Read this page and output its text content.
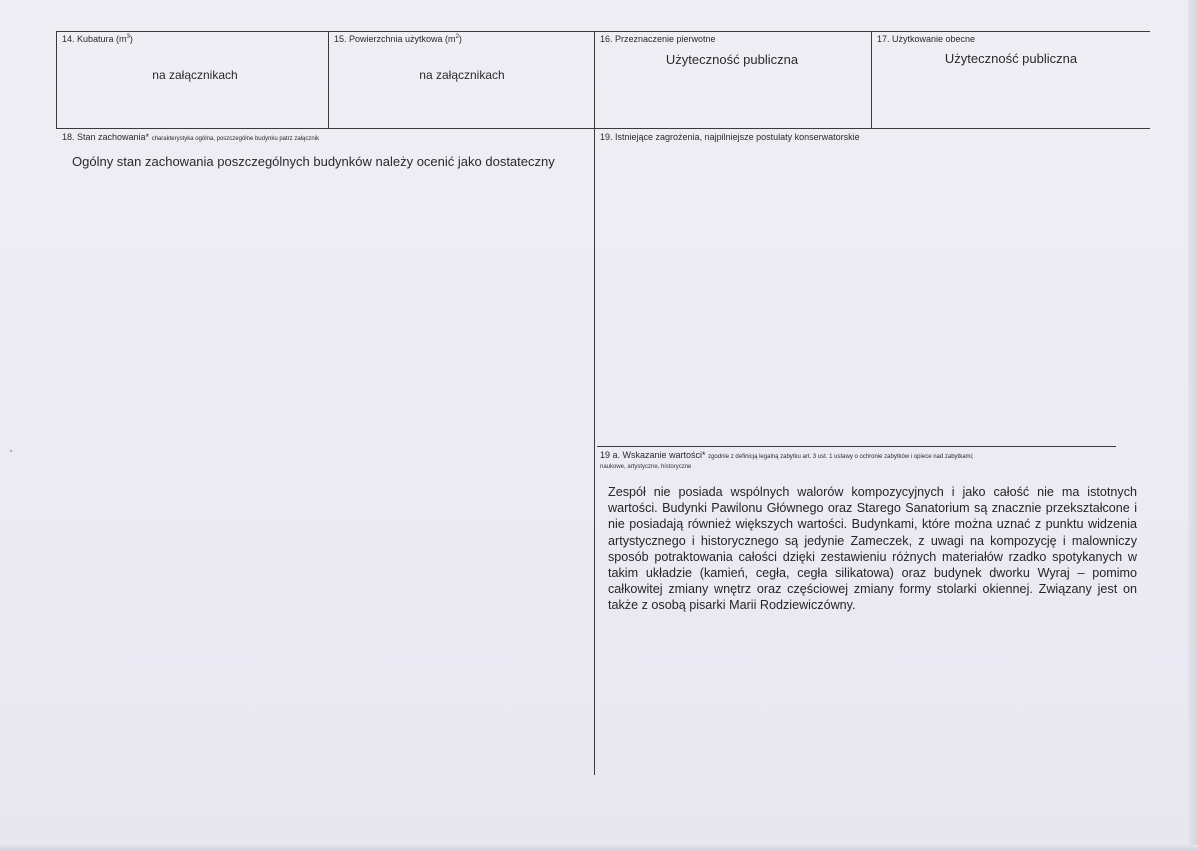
14. Kubatura $(m^3)$
na załącznikach
15. Powierzchnia użytkowa $(m^2)$
na załącznikach
16. Przeznaczenie pierwotne
Użyteczność publiczna
17. Użytkowanie obecne
Użyteczność publiczna
18. Stan zachowania* charakterystyka ogólna, poszczególne budynku patrz załącznik
Ogólny stan zachowania poszczególnych budynków należy ocenić jako dostateczny
19. Istniejące zagrożenia, najpilniejsze postulaty konserwatorskie
19 a. Wskazanie wartości* zgodnie z definicją legalną zabytku art. 3 ust. 1 ustawy o ochronie zabytków i opiece nad zabytkami;
naukowe, artystyczne, historyczne
Zespół nie posiada wspólnych walorów kompozycyjnych i jako całość nie ma istotnych wartości. Budynki Pawilonu Głównego oraz Starego Sanatorium są znacznie przekształcone i nie posiadają również większych wartości. Budynkami, które można uznać z punktu widzenia artystycznego i historycznego są jedynie Zameczek, z uwagi na kompozycję i malowniczy sposób potraktowania całości dzięki zestawieniu różnych materiałów rzadko spotykanych w takim układzie (kamień, cegła, cegła silikatowa) oraz budynek dworku Wyraj – pomimo całkowitej zmiany wnętrz oraz częściowej zmiany formy stolarki okiennej. Związany jest on także z osobą pisarki Marii Rodziewiczówny.
